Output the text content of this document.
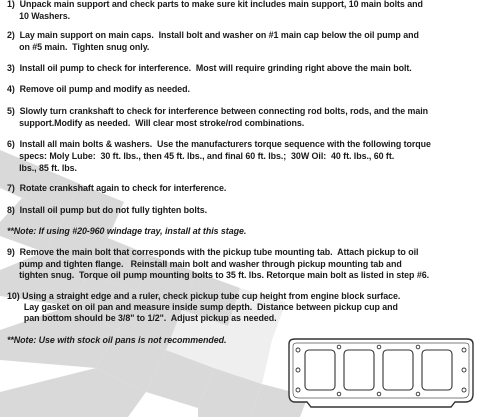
1)  Unpack main support and check parts to make sure kit includes main support, 10 main bolts and

10 Washers.

2)  Lay main support on main caps.  Install bolt and washer on #1 main cap below the oil pump and

on #5 main.  Tighten snug only.

3)  Install oil pump to check for interference.  Most will require grinding right above the main bolt.

4)  Remove oil pump and modify as needed.

5)  Slowly turn crankshaft to check for interference between connecting rod bolts, rods, and the main

support.Modify as needed.  Will clear most stroke/rod combinations.

6)  Install all main bolts & washers.  Use the manufacturers torque sequence with the following torque

specs: Moly Lube:  30 ft. lbs., then 45 ft. lbs., and final 60 ft. lbs.;  30W Oil:  40 ft. lbs., 60 ft.

lbs., 85 ft. lbs.

7)  Rotate crankshaft again to check for interference.

8)  Install oil pump but do not fully tighten bolts.

**Note: If using #20-960 windage tray, install at this stage.

9)  Remove the main bolt that corresponds with the pickup tube mounting tab.  Attach pickup to oil

pump and tighten flange.   Reinstall main bolt and washer through pickup mounting tab and

tighten snug.  Torque oil pump mounting bolts to 35 ft. lbs. Retorque main bolt as listed in step #6.

10) Using a straight edge and a ruler, check pickup tube cup height from engine block surface.

Lay gasket on oil pan and measure inside sump depth.  Distance between pickup cup and

pan bottom should be 3/8" to 1/2".  Adjust pickup as needed.

**Note: Use with stock oil pans is not recommended.
